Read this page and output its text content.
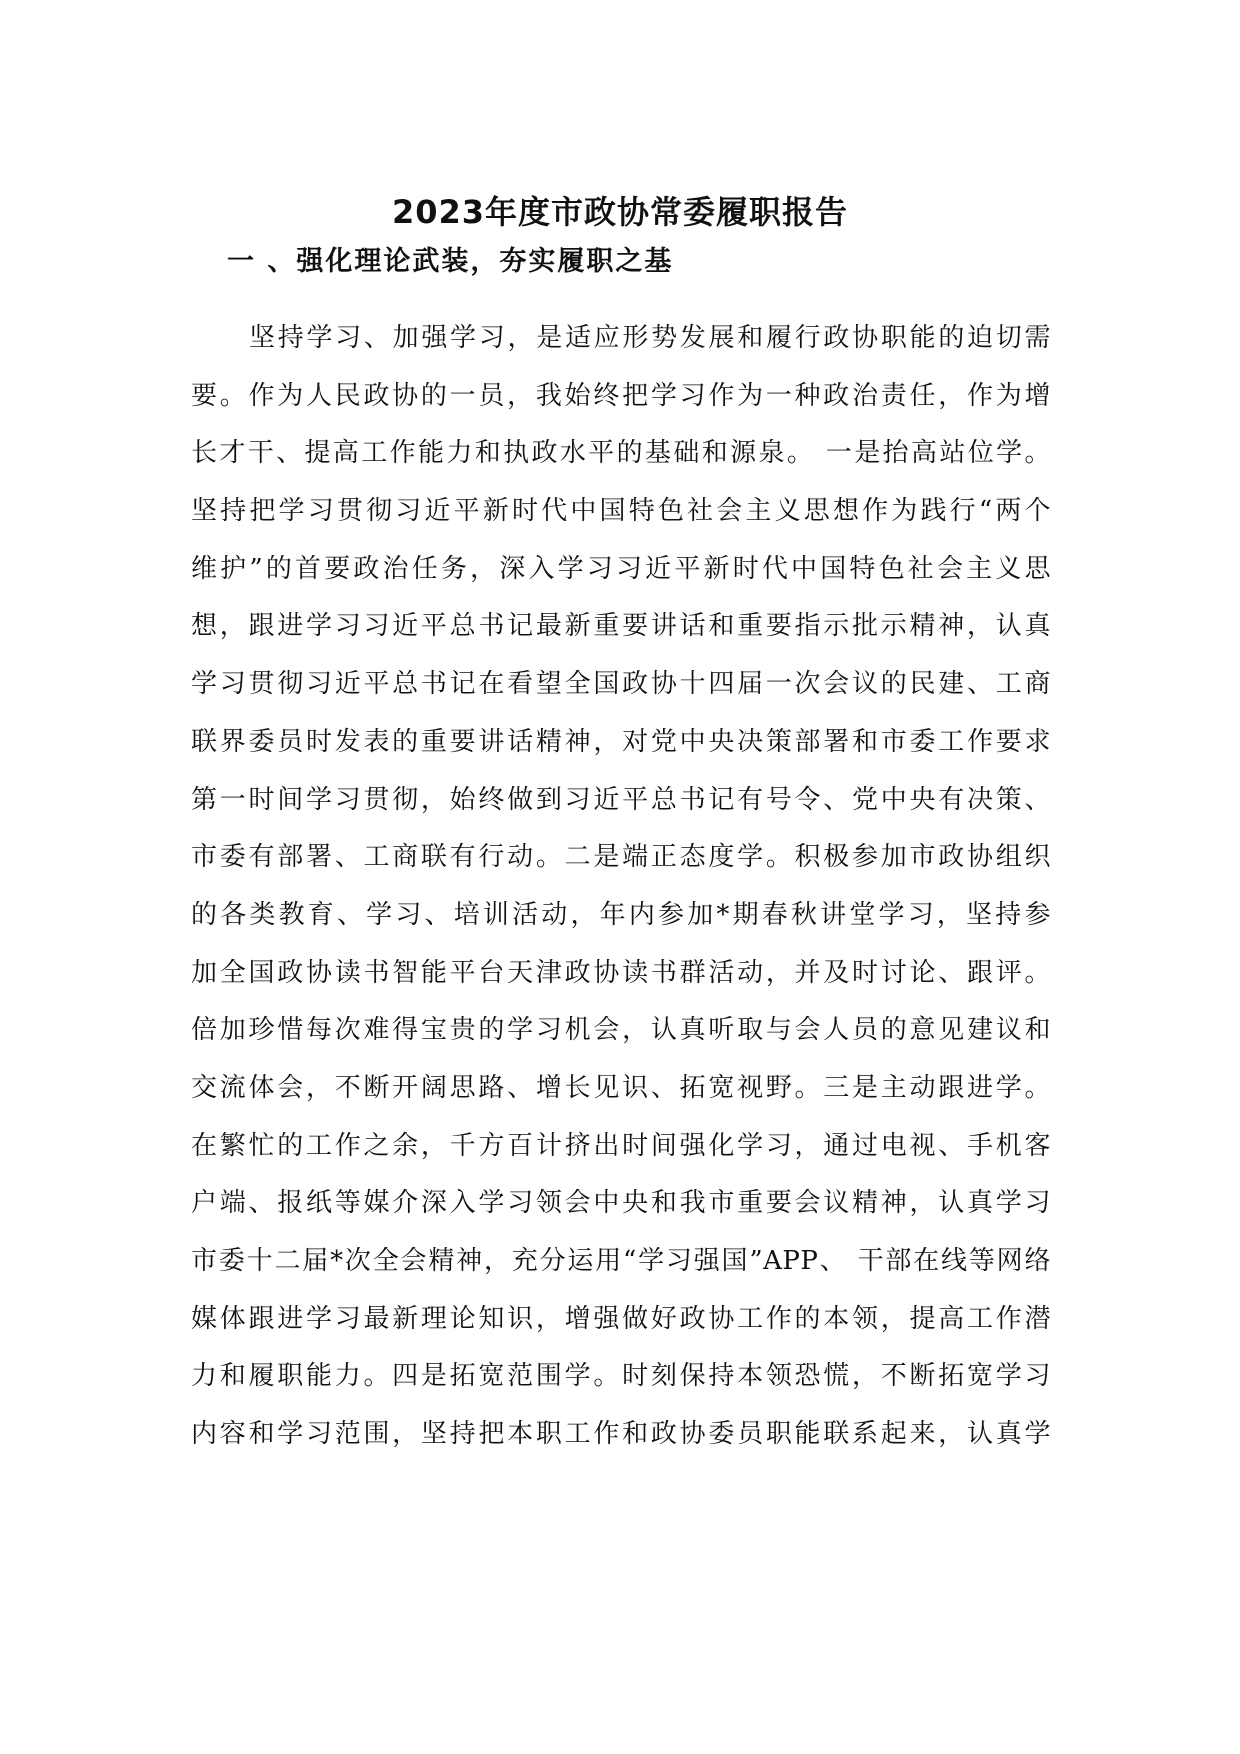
2023年度市政协常委履职报告
一 、强化理论武装，夯实履职之基
坚持学习、加强学习，是适应形势发展和履行政协职能的迫切需
要。作为人民政协的一员，我始终把学习作为一种政治责任，作为增
长才干、提高工作能力和执政水平的基础和源泉。 一是抬高站位学。
坚持把学习贯彻习近平新时代中国特色社会主义思想作为践行“两个
维护”的首要政治任务，深入学习习近平新时代中国特色社会主义思
想，跟进学习习近平总书记最新重要讲话和重要指示批示精神，认真
学习贯彻习近平总书记在看望全国政协十四届一次会议的民建、工商
联界委员时发表的重要讲话精神，对党中央决策部署和市委工作要求
第一时间学习贯彻，始终做到习近平总书记有号令、党中央有决策、
市委有部署、工商联有行动。二是端正态度学。积极参加市政协组织
的各类教育、学习、培训活动，年内参加*期春秋讲堂学习，坚持参
加全国政协读书智能平台天津政协读书群活动，并及时讨论、跟评。
倍加珍惜每次难得宝贵的学习机会，认真听取与会人员的意见建议和
交流体会，不断开阔思路、增长见识、拓宽视野。三是主动跟进学。
在繁忙的工作之余，千方百计挤出时间强化学习，通过电视、手机客
户端、报纸等媒介深入学习领会中央和我市重要会议精神，认真学习
市委十二届*次全会精神，充分运用“学习强国”APP、 干部在线等网络
媒体跟进学习最新理论知识，增强做好政协工作的本领，提高工作潜
力和履职能力。四是拓宽范围学。时刻保持本领恐慌，不断拓宽学习
内容和学习范围，坚持把本职工作和政协委员职能联系起来，认真学
